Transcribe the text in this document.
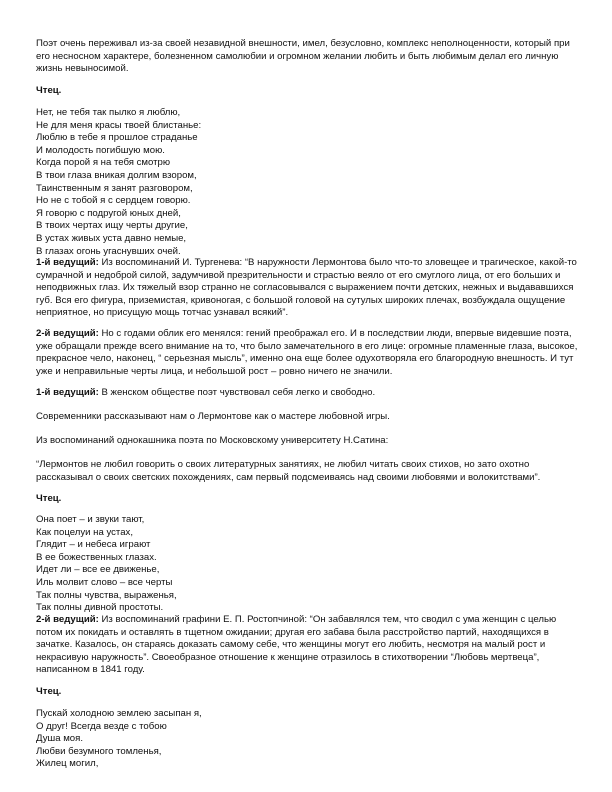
Поэт очень переживал из-за своей незавидной внешности, имел, безусловно, комплекс неполноценности, который при его несносном характере, болезненном самолюбии и огромном желании любить и быть любимым делал его личную жизнь невыносимой.

Чтец.

Нет, не тебя так пылко я люблю,
Не для меня красы твоей блистанье:
Люблю в тебе я прошлое страданье
И молодость погибшую мою.
Когда порой я на тебя смотрю
В твои глаза вникая долгим взором,
Таинственным я занят разговором,
Но не с тобой я с сердцем говорю.
Я говорю с подругой юных дней,
В твоих чертах ищу черты другие,
В устах живых уста давно немые,
В глазах огонь угаснувших очей.

1-й ведущий: Из воспоминаний И. Тургенева: “В наружности Лермонтова было что-то зловещее и трагическое, какой-то сумрачной и недоброй силой, задумчивой презрительности и страстью веяло от его смуглого лица, от его больших и неподвижных глаз. Их тяжелый взор странно не согласовывался с выражением почти детских, нежных и выдававшихся губ. Вся его фигура, приземистая, кривоногая, с большой головой на сутулых широких плечах, возбуждала ощущение неприятное, но присущую мощь тотчас узнавал всякий”.

2-й ведущий: Но с годами облик его менялся: гений преображал его. И в последствии люди, впервые видевшие поэта, уже обращали прежде всего внимание на то, что было замечательного в его лице: огромные пламенные глаза, высокое, прекрасное чело, наконец, “ серьезная мысль”, именно она еще более одухотворяла его благородную внешность. И тут уже и неправильные черты лица, и небольшой рост – ровно ничего не значили.

1-й ведущий: В женском обществе поэт чувствовал себя легко и свободно.

Современники рассказывают нам о Лермонтове как о мастере любовной игры.

Из воспоминаний однокашника поэта по Московскому университету Н.Сатина:

“Лермонтов не любил говорить о своих литературных занятиях, не любил читать своих стихов, но зато охотно рассказывал о своих светских похождениях, сам первый подсмеиваясь над своими любовями и волокитствами”.

Чтец.

Она поет – и звуки тают,
Как поцелуи на устах,
Глядит – и небеса играют
В ее божественных глазах.
Идет ли – все ее движенье,
Иль молвит слово – все черты
Так полны чувства, выраженья,
Так полны дивной простоты.

2-й ведущий: Из воспоминаний графини Е. П. Ростопчиной: “Он забавлялся тем, что сводил с ума женщин с целью потом их покидать и оставлять в тщетном ожидании; другая его забава была расстройство партий, находящихся в зачатке. Казалось, он стараясь доказать самому себе, что женщины могут его любить, несмотря на малый рост и некрасивую наружность”. Своеобразное отношение к женщине отразилось в стихотворении “Любовь мертвеца”, написанном в 1841 году.

Чтец.

Пускай холодною землею засыпан я,
О друг! Всегда везде с тобою
Душа моя.
Любви безумного томленья,
Жилец могил,
